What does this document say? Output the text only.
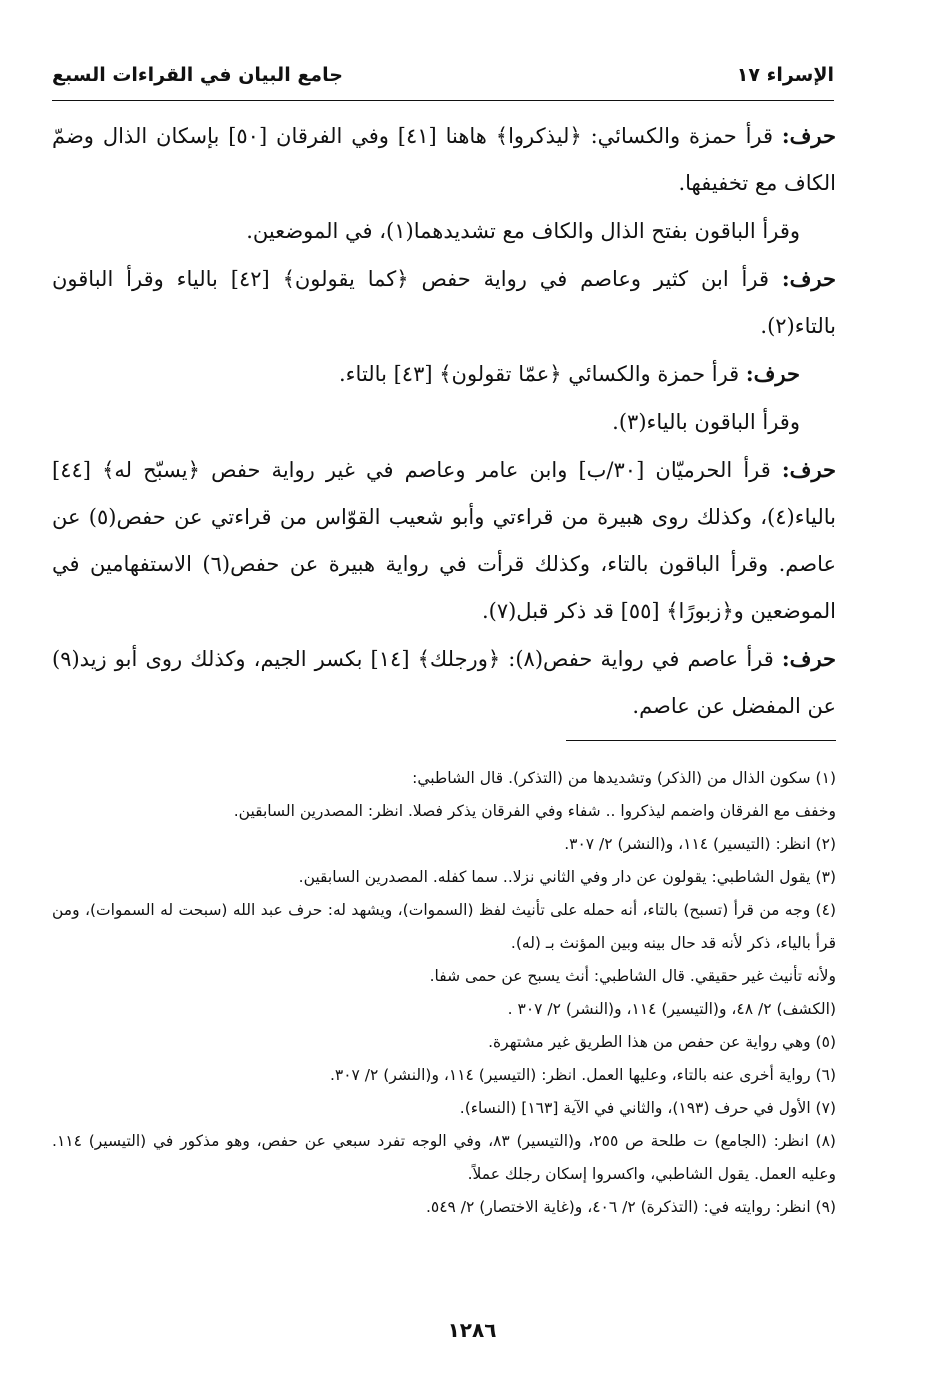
الإسراء ١٧
جامع البيان في القراءات السبع

حرف: قرأ حمزة والكسائي: ﴿ليذكروا﴾ هاهنا [٤١] وفي الفرقان [٥٠] بإسكان الذال وضمّ الكاف مع تخفيفها.

وقرأ الباقون بفتح الذال والكاف مع تشديدهما(١)، في الموضعين.

حرف: قرأ ابن كثير وعاصم في رواية حفص ﴿كما يقولون﴾ [٤٢] بالياء وقرأ الباقون بالتاء(٢).

حرف: قرأ حمزة والكسائي ﴿عمّا تقولون﴾ [٤٣] بالتاء.

وقرأ الباقون بالياء(٣).

حرف: قرأ الحرميّان [٣٠/ب] وابن عامر وعاصم في غير رواية حفص ﴿يسبّح له﴾ [٤٤] بالياء(٤)، وكذلك روى هبيرة من قراءتي وأبو شعيب القوّاس من قراءتي عن حفص(٥) عن عاصم. وقرأ الباقون بالتاء، وكذلك قرأت في رواية هبيرة عن حفص(٦) الاستفهامين في الموضعين و﴿زبورًا﴾ [٥٥] قد ذكر قبل(٧).

حرف: قرأ عاصم في رواية حفص(٨): ﴿ورجلك﴾ [١٤] بكسر الجيم، وكذلك روى أبو زيد(٩) عن المفضل عن عاصم.

(١) سكون الذال من (الذكر) وتشديدها من (التذكر). قال الشاطبي:

وخفف مع الفرقان واضمم ليذكروا .. شفاء وفي الفرقان يذكر فصلا. انظر: المصدرين السابقين.

(٢) انظر: (التيسير) ١١٤، و(النشر) ٢/ ٣٠٧.

(٣) يقول الشاطبي: يقولون عن دار وفي الثاني نزلا.. سما كفله. المصدرين السابقين.

(٤) وجه من قرأ (تسبح) بالتاء، أنه حمله على تأنيث لفظ (السموات)، ويشهد له: حرف عبد الله (سبحت له السموات)، ومن قرأ بالياء، ذكر لأنه قد حال بينه وبين المؤنث بـ (له).

ولأنه تأنيث غير حقيقي. قال الشاطبي: أنث يسبح عن حمى شفا.

(الكشف) ٢/ ٤٨، و(التيسير) ١١٤، و(النشر) ٢/ ٣٠٧ .

(٥) وهي رواية عن حفص من هذا الطريق غير مشتهرة.

(٦) رواية أخرى عنه بالتاء، وعليها العمل. انظر: (التيسير) ١١٤، و(النشر) ٢/ ٣٠٧.

(٧) الأول في حرف (١٩٣)، والثاني في الآية [١٦٣] (النساء).

(٨) انظر: (الجامع) ت طلحة ص ٢٥٥، و(التيسير) ٨٣، وفي الوجه تفرد سبعي عن حفص، وهو مذكور في (التيسير) ١١٤. وعليه العمل. يقول الشاطبي، واكسروا إسكان رجلك عملاً.

(٩) انظر: روايته في: (التذكرة) ٢/ ٤٠٦، و(غاية الاختصار) ٢/ ٥٤٩.

١٢٨٦
